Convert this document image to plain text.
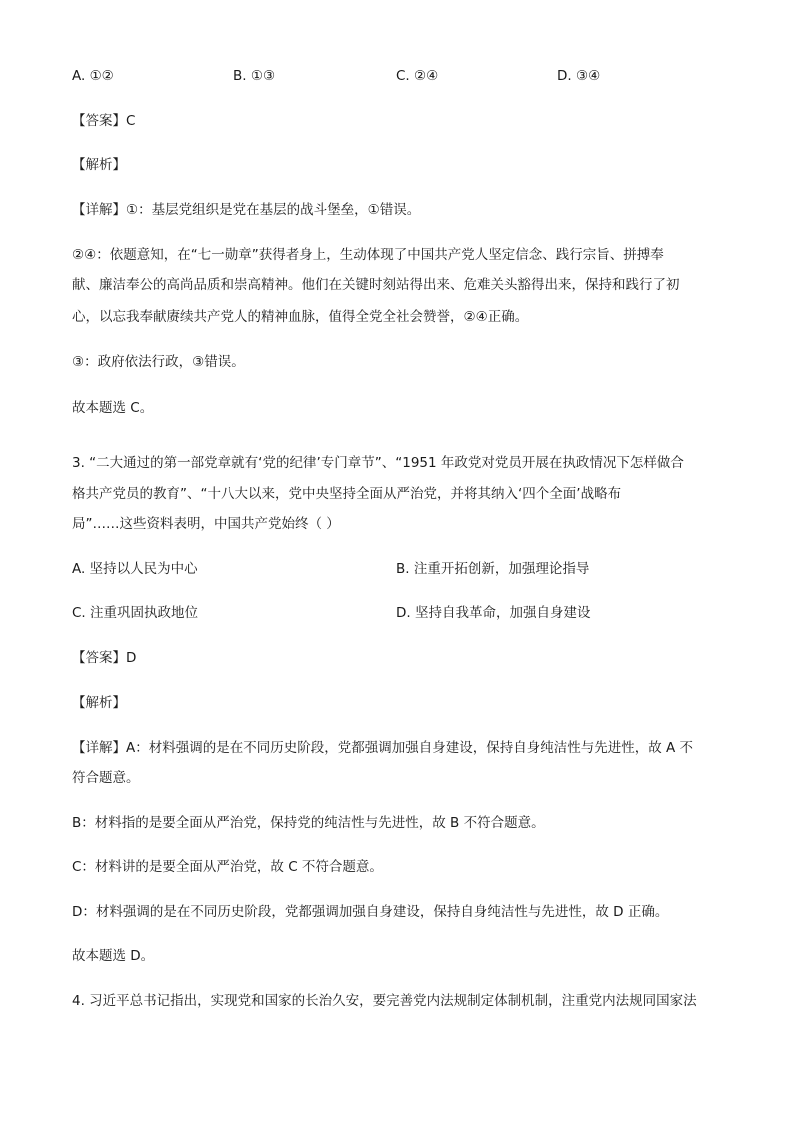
A. ①②	B. ①③	C. ②④	D. ③④
【答案】C
【解析】
【详解】①：基层党组织是党在基层的战斗堡垒，①错误。
②④：依题意知，在“七一勋章”获得者身上，生动体现了中国共产党人坚定信念、践行宗旨、拼搏奉
献、廉洁奉公的高尚品质和崇高精神。他们在关键时刻站得出来、危难关头豁得出来，保持和践行了初
心，以忘我奉献赓续共产党人的精神血脉，值得全党全社会赞誉，②④正确。
③：政府依法行政，③错误。
故本题选 C。
3. “二大通过的第一部党章就有‘党的纪律’专门章节”、“1951 年政党对党员开展在执政情况下怎样做合
格共产党员的教育”、“十八大以来，党中央坚持全面从严治党，并将其纳入‘四个全面’战略布
局”……这些资料表明，中国共产党始终（ ）
A. 坚持以人民为中心	B. 注重开拓创新，加强理论指导
C. 注重巩固执政地位	D. 坚持自我革命，加强自身建设
【答案】D
【解析】
【详解】A：材料强调的是在不同历史阶段，党都强调加强自身建设，保持自身纯洁性与先进性，故 A 不
符合题意。
B：材料指的是要全面从严治党，保持党的纯洁性与先进性，故 B 不符合题意。
C：材料讲的是要全面从严治党，故 C 不符合题意。
D：材料强调的是在不同历史阶段，党都强调加强自身建设，保持自身纯洁性与先进性，故 D 正确。
故本题选 D。
4. 习近平总书记指出，实现党和国家的长治久安，要完善党内法规制定体制机制，注重党内法规同国家法
